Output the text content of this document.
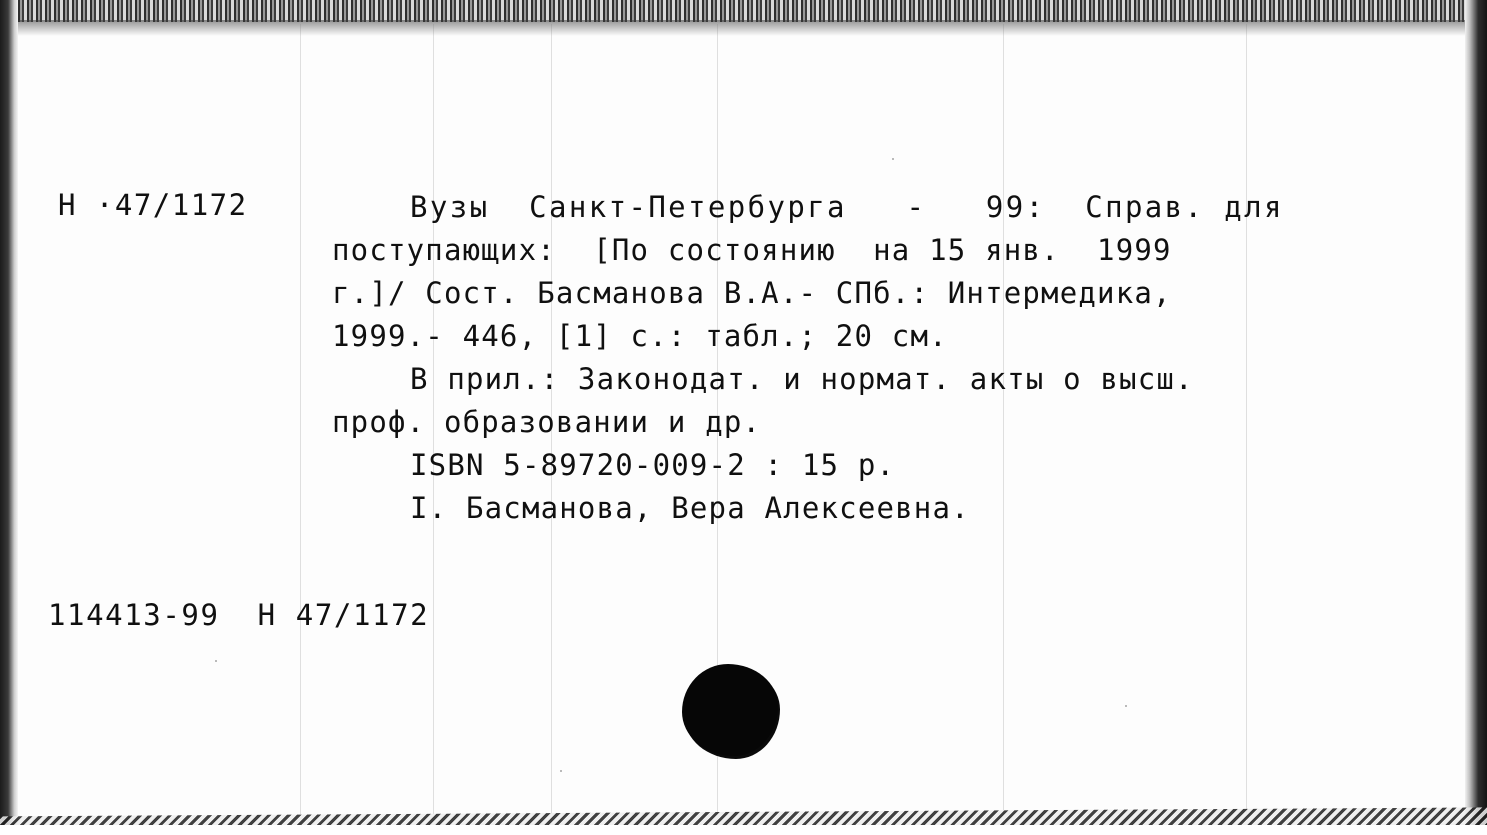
Н ·47/1172	Вузы  Санкт-Петербурга   -   99:  Справ. для
поступающих:  [По состоянию  на 15 янв.  1999
г.]/ Сост. Басманова В.А.- СПб.: Интермедика,
1999.- 446, [1] с.: табл.; 20 см.
В прил.: Законодат. и нормат. акты о высш.
проф. образовании и др.
ISBN 5-89720-009-2 : 15 р.
I. Басманова, Вера Алексеевна.
114413-99  Н 47/1172
